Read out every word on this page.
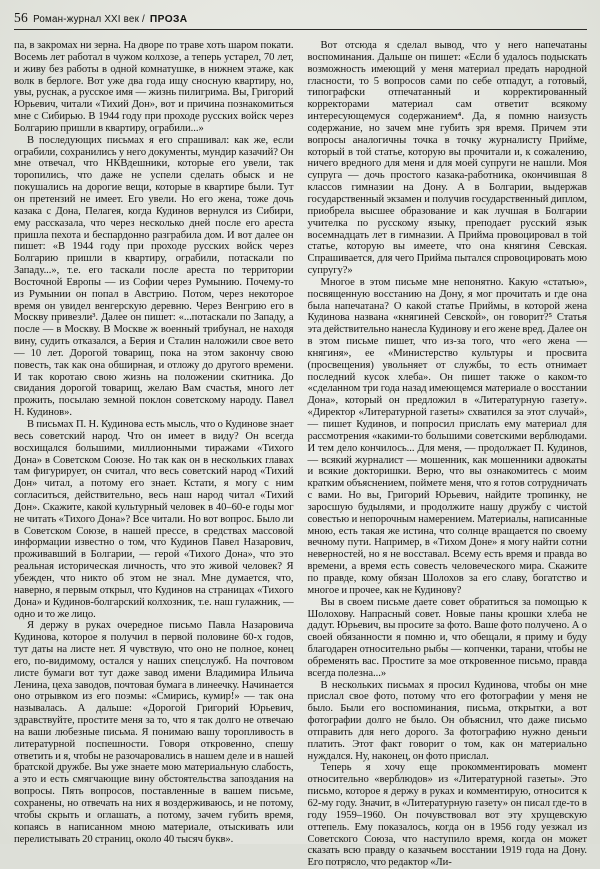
56 Роман-журнал XXI век / ПРОЗА

па, в закромах ни зерна. На дворе по траве хоть шаром покати. Восемь лет работал в чужом колхозе, а теперь устарел, 70 лет, и живу без работы в одной комнатушке, в нижнем этаже, как волк в берлоге. Вот уже два года ищу сносную квартиру, но, увы, руснак, а русское имя — жизнь пилигрима. Вы, Григорий Юрьевич, читали «Тихий Дон», вот и причина познакомиться мне с Сибирью. В 1944 году при проходе русских войск через Болгарию пришли в квартиру, ограбили...»

В последующих письмах я его спрашивал: как же, если ограбили, сохранились у него документы, мундир казачий? Он мне отвечал, что НКВдешники, которые его увели, так торопились, что даже не успели сделать обыск и не покушались на дорогие вещи, которые в квартире были. Тут он претензий не имеет. Его увели. Но его жена, тоже дочь казака с Дона, Пелагея, когда Кудинов вернулся из Сибири, ему рассказала, что через несколько дней после его ареста пришла пехота и беспардонно разграбила дом. И вот далее он пишет: «В 1944 году при проходе русских войск через Болгарию пришли в квартиру, ограбили, потаскали по Западу...», т.е. его таскали после ареста по территории Восточной Европы — из Софии через Румынию. Почему-то из Румынии он попал в Австрию. Потом, через некоторое время он увидел венгерскую деревню. Через Венгрию его в Москву привезли³. Далее он пишет: «...потаскали по Западу, а после — в Москву. В Москве ж военный трибунал, не находя вину, судить отказался, а Берия и Сталин наложили свое вето — 10 лет. Дорогой товарищ, пока на этом закончу свою повесть, так как она обширная, и отложу до другого времени. И так коротаю свою жизнь на положении скитника. До свидания дорогой товарищ, желаю Вам счастья, много лет прожить, посылаю земной поклон советскому народу. Павел Н. Кудинов».

В письмах П. Н. Кудинова есть мысль, что о Кудинове знает весь советский народ. Что он имеет в виду? Он всегда восхищался большими, миллионными тиражами «Тихого Дона» в Советском Союзе. Но так как он в нескольких главах там фигурирует, он считал, что весь советский народ «Тихий Дон» читал, а потому его знает. Кстати, я могу с ним согласиться, действительно, весь наш народ читал «Тихий Дон». Скажите, какой культурный человек в 40–60-е годы мог не читать «Тихого Дона»? Все читали. Но вот вопрос. Было ли в Советском Союзе, в нашей прессе, в средствах массовой информации известно о том, что Кудинов Павел Назарович, проживавший в Болгарии, — герой «Тихого Дона», что это реальная историческая личность, что это живой человек? Я убежден, что никто об этом не знал. Мне думается, что, наверно, я первым открыл, что Кудинов на страницах «Тихого Дона» и Кудинов-болгарский колхозник, т.е. наш гулажник, — одно и то же лицо.

Я держу в руках очередное письмо Павла Назаровича Кудинова, которое я получил в первой половине 60-х годов, тут даты на листе нет. Я чувствую, что оно не полное, конец его, по-видимому, остался у наших спецслужб. На почтовом листе бумаги вот тут даже завод имени Владимира Ильича Ленина, цеха заводов, почтовая бумага в линеечку. Начинается оно отрывком из его поэмы: «Смирись, кумир!» — так она называлась. А дальше: «Дорогой Григорий Юрьевич, здравствуйте, простите меня за то, что я так долго не отвечаю на ваши любезные письма. Я понимаю вашу торопливость в литературной поспешности. Говоря откровенно, спешу ответить и я, чтобы не разочаровались в нашем деле и в нашей братской дружбе. Вы уже знаете мою материальную слабость, а это и есть смягчающие вину обстоятельства запоздания на вопросы. Пять вопросов, поставленные в вашем письме, сохранены, но отвечать на них я воздерживаюсь, и не потому, чтобы скрыть и оглашать, а потому, зачем губить время, копаясь в написанном мною материале, отыскивать или перелистывать 20 страниц, около 40 тысяч букв».

Вот отсюда я сделал вывод, что у него напечатаны воспоминания. Дальше он пишет: «Если б удалось подыскать возможность имеющий у меня материал предать народной гласности, то 5 вопросов сами по себе отпадут, а готовый, типографски отпечатанный и корректированный корректорами материал сам ответит всякому интересующемуся содержанием⁴. Да, я помню наизусть содержание, но зачем мне губить зря время. Причем эти вопросы аналогичны точка в точку журналисту Прийме, который в той статье, которую вы прочитали и, к сожалению, ничего вредного для меня и для моей супруги не нашли. Моя супруга — дочь простого казака-работника, окончившая 8 классов гимназии на Дону. А в Болгарии, выдержав государственный экзамен и получив государственный диплом, приобрела высшее образование и как лучшая в Болгарии учителка по русскому языку, преподает русский язык восемнадцать лет в гимназии. А Прийма провоцировал в той статье, которую вы имеете, что она княгиня Севская. Спрашивается, для чего Прийма пытался спровоцировать мою супругу?»

Многое в этом письме мне непонятно. Какую «статью», посвященную восстанию на Дону, я мог прочитать и где она была напечатана? О какой статье Приймы, в которой жена Кудинова названа «княгиней Севской», он говорит?⁵ Статья эта действительно нанесла Кудинову и его жене вред. Далее он в этом письме пишет, что из-за того, что «его жена — княгиня», ее «Министерство культуры и просвита (просвещения) увольняет от службы, то есть отнимает последний кусок хлеба». Он пишет также о каком-то «сделанном три года назад имеющемся материале о восстании Дона», который он предложил в «Литературную газету». «Директор «Литературной газеты» схватился за этот случай», — пишет Кудинов, и попросил прислать ему материал для рассмотрения «какими-то большими советскими верблюдами. И тем дело кончилось... Для меня, — продолжает П. Кудинов, — всякий журналист — мошенник, как мошенники адвокаты и всякие докторишки. Верю, что вы ознакомитесь с моим кратким объяснением, поймете меня, что я готов сотрудничать с вами. Но вы, Григорий Юрьевич, найдите тропинку, не заросшую будылями, и продолжите нашу дружбу с чистой совестью и непорочным намерением. Материалы, написанные мною, есть такая же истина, что солнце вращается по своему вечному пути. Например, в «Тихом Доне» я могу найти сотни неверностей, но я не восставал. Всему есть время и правда во времени, а время есть совесть человеческого мира. Скажите по правде, кому обязан Шолохов за его славу, богатство и многое и прочее, как не Кудинову?

Вы в своем письме даете совет обратиться за помощью к Шолохову. Напрасный совет. Новые паны крошки хлеба не дадут. Юрьевич, вы просите за фото. Ваше фото получено. А о своей обязанности я помню и, что обещали, я приму и буду благодарен относительно рыбы — копченки, тарани, чтобы не обременять вас. Простите за мое откровенное письмо, правда всегда полезна...»

В нескольких письмах я просил Кудинова, чтобы он мне прислал свое фото, потому что его фотографии у меня не было. Были его воспоминания, письма, открытки, а вот фотографии долго не было. Он объяснил, что даже письмо отправить для него дорого. За фотографию нужно деньги платить. Этот факт говорит о том, как он материально нуждался. Ну, наконец, он фото прислал.

Теперь я хочу еще прокомментировать момент относительно «верблюдов» из «Литературной газеты». Это письмо, которое я держу в руках и комментирую, относится к 62-му году. Значит, в «Литературную газету» он писал где-то в году 1959–1960. Он почувствовал вот эту хрущевскую оттепель. Ему показалось, когда он в 1956 году уезжал из Советского Союза, что наступило время, когда он может сказать всю правду о казачьем восстании 1919 года на Дону. Его потрясло, что редактор «Ли-
